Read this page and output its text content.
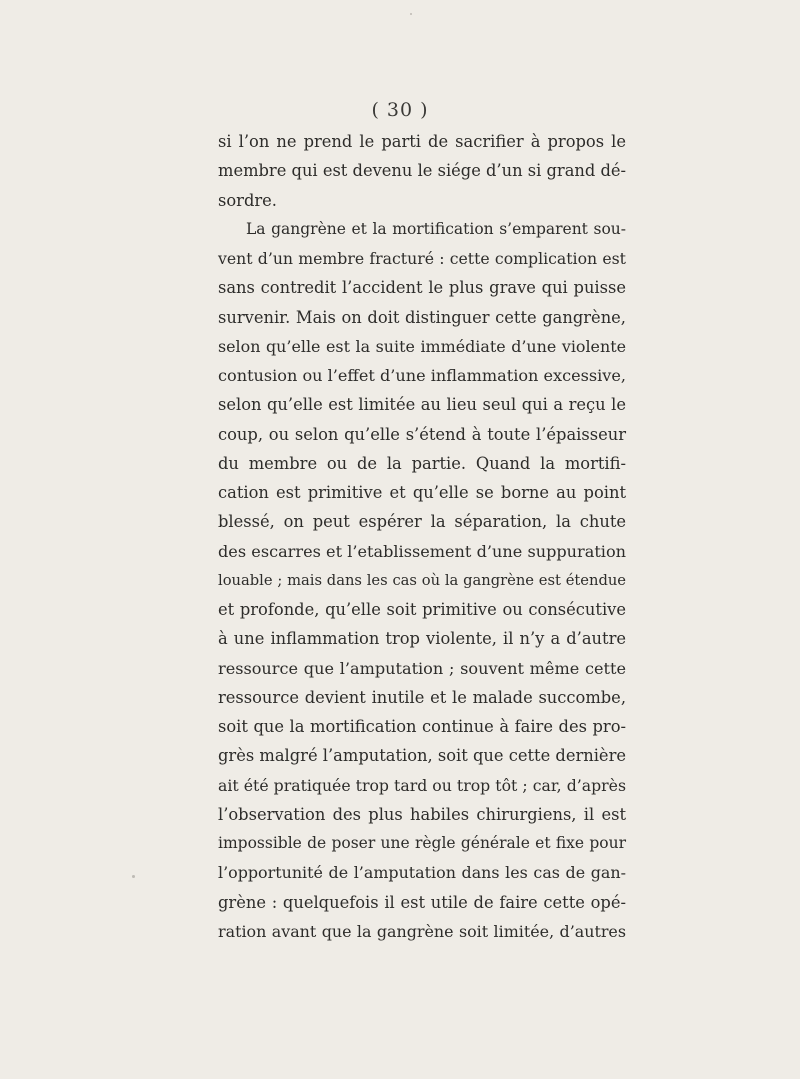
( 30 )
si l’on ne prend le parti de sacrifier à propos le
membre qui est devenu le siége d’un si grand dé-
sordre.
La gangrène et la mortification s’emparent sou-
vent d’un membre fracturé : cette complication est
sans contredit l’accident le plus grave qui puisse
survenir. Mais on doit distinguer cette gangrène,
selon qu’elle est la suite immédiate d’une violente
contusion ou l’effet d’une inflammation excessive,
selon qu’elle est limitée au lieu seul qui a reçu le
coup, ou selon qu’elle s’étend à toute l’épaisseur
du membre ou de la partie. Quand la mortifi-
cation est primitive et qu’elle se borne au point
blessé, on peut espérer la séparation, la chute
des escarres et l’etablissement d’une suppuration
louable ; mais dans les cas où la gangrène est étendue
et profonde, qu’elle soit primitive ou consécutive
à une inflammation trop violente, il n’y a d’autre
ressource que l’amputation ; souvent même cette
ressource devient inutile et le malade succombe,
soit que la mortification continue à faire des pro-
grès malgré l’amputation, soit que cette dernière
ait été pratiquée trop tard ou trop tôt ; car, d’après
l’observation des plus habiles chirurgiens, il est
impossible de poser une règle générale et fixe pour
l’opportunité de l’amputation dans les cas de gan-
grène : quelquefois il est utile de faire cette opé-
ration avant que la gangrène soit limitée, d’autres
